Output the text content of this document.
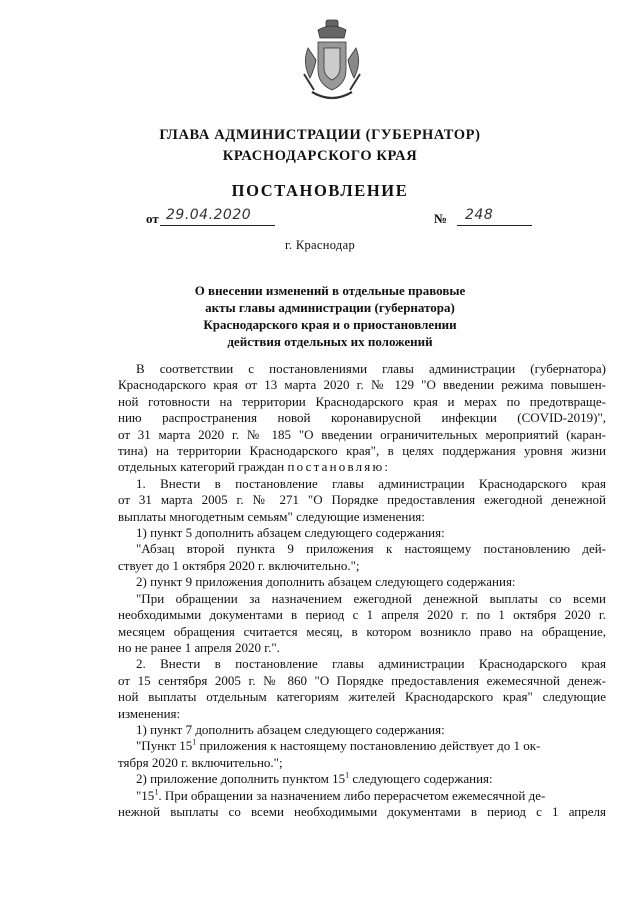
ГЛАВА АДМИНИСТРАЦИИ (ГУБЕРНАТОР)
КРАСНОДАРСКОГО КРАЯ
ПОСТАНОВЛЕНИЕ
от 29.04.2020	№ 248
г. Краснодар
О внесении изменений в отдельные правовые
акты главы администрации (губернатора)
Краснодарского края и о приостановлении
действия отдельных их положений
В соответствии с постановлениями главы администрации (губернатора)
Краснодарского края от 13 марта 2020 г. № 129 "О введении режима повышен-
ной готовности на территории Краснодарского края и мерах по предотвраще-
нию распространения новой коронавирусной инфекции (COVID-2019)",
от 31 марта 2020 г. № 185 "О введении ограничительных мероприятий (каран-
тина) на территории Краснодарского края", в целях поддержания уровня жизни
отдельных категорий граждан постановляю:
1. Внести в постановление главы администрации Краснодарского края
от 31 марта 2005 г. № 271 "О Порядке предоставления ежегодной денежной
выплаты многодетным семьям" следующие изменения:
1) пункт 5 дополнить абзацем следующего содержания:
"Абзац второй пункта 9 приложения к настоящему постановлению дей-
ствует до 1 октября 2020 г. включительно.";
2) пункт 9 приложения дополнить абзацем следующего содержания:
"При обращении за назначением ежегодной денежной выплаты со всеми
необходимыми документами в период с 1 апреля 2020 г. по 1 октября 2020 г.
месяцем обращения считается месяц, в котором возникло право на обращение,
но не ранее 1 апреля 2020 г.".
2. Внести в постановление главы администрации Краснодарского края
от 15 сентября 2005 г. № 860 "О Порядке предоставления ежемесячной денеж-
ной выплаты отдельным категориям жителей Краснодарского края" следующие
изменения:
1) пункт 7 дополнить абзацем следующего содержания:
"Пункт $15^1$ приложения к настоящему постановлению действует до 1 ок-
тября 2020 г. включительно.";
2) приложение дополнить пунктом $15^1$ следующего содержания:
"$15^1$. При обращении за назначением либо перерасчетом ежемесячной де-
нежной выплаты со всеми необходимыми документами в период с 1 апреля
